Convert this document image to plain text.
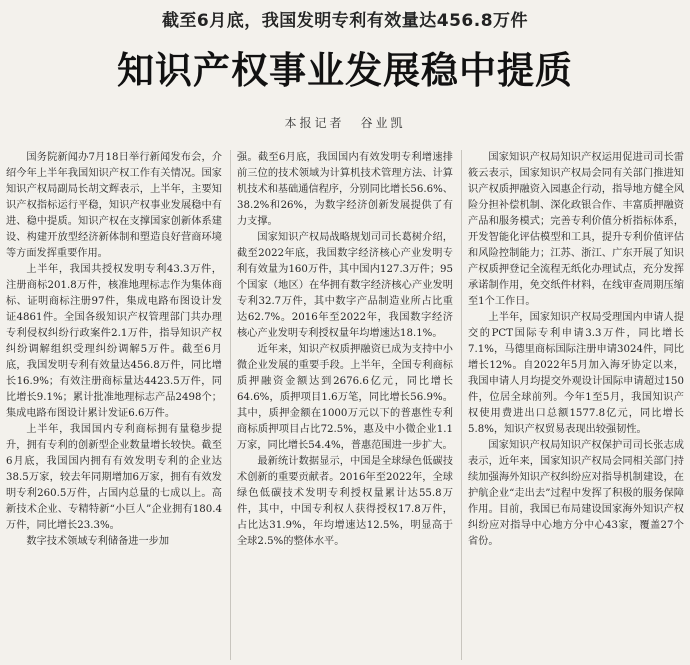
截至6月底，我国发明专利有效量达456.8万件
知识产权事业发展稳中提质
本报记者 谷业凯

国务院新闻办7月18日举行新闻发布会，介绍今年上半年我国知识产权工作有关情况。国家知识产权局副局长胡文辉表示，上半年，主要知识产权指标运行平稳，知识产权事业发展稳中有进、稳中提质。知识产权在支撑国家创新体系建设、构建开放型经济新体制和塑造良好营商环境等方面发挥重要作用。

上半年，我国共授权发明专利43.3万件，注册商标201.8万件，核准地理标志作为集体商标、证明商标注册97件，集成电路布图设计发证4861件。全国各级知识产权管理部门共办理专利侵权纠纷行政案件2.1万件，指导知识产权纠纷调解组织受理纠纷调解5万件。截至6月底，我国发明专利有效量达456.8万件，同比增长16.9%；有效注册商标量达4423.5万件，同比增长9.1%；累计批准地理标志产品2498个；集成电路布图设计累计发证6.6万件。

上半年，我国国内专利商标拥有量稳步提升，拥有专利的创新型企业数量增长较快。截至6月底，我国国内拥有有效发明专利的企业达38.5万家，较去年同期增加6万家，拥有有效发明专利260.5万件，占国内总量的七成以上。高新技术企业、专精特新“小巨人”企业拥有180.4万件，同比增长23.3%。

数字技术领域专利储备进一步加

强。截至6月底，我国国内有效发明专利增速排前三位的技术领域为计算机技术管理方法、计算机技术和基础通信程序，分别同比增长56.6%、38.2%和26%，为数字经济创新发展提供了有力支撑。

国家知识产权局战略规划司司长葛树介绍，截至2022年底，我国数字经济核心产业发明专利有效量为160万件，其中国内127.3万件；95个国家（地区）在华拥有数字经济核心产业发明专利32.7万件，其中数字产品制造业所占比重达62.7%。2016年至2022年，我国数字经济核心产业发明专利授权量年均增速达18.1%。

近年来，知识产权质押融资已成为支持中小微企业发展的重要手段。上半年，全国专利商标质押融资金额达到2676.6亿元，同比增长64.6%，质押项目1.6万笔，同比增长56.9%。其中，质押金额在1000万元以下的普惠性专利商标质押项目占比72.5%，惠及中小微企业1.1万家，同比增长54.4%，普惠范围进一步扩大。

最新统计数据显示，中国是全球绿色低碳技术创新的重要贡献者。2016年至2022年，全球绿色低碳技术发明专利授权量累计达55.8万件，其中，中国专利权人获得授权17.8万件，占比达31.9%，年均增速达12.5%，明显高于全球2.5%的整体水平。

国家知识产权局知识产权运用促进司司长雷筱云表示，国家知识产权局会同有关部门推进知识产权质押融资入园惠企行动，指导地方健全风险分担补偿机制、深化政银合作、丰富质押融资产品和服务模式；完善专利价值分析指标体系，开发智能化评估模型和工具，提升专利价值评估和风险控制能力；江苏、浙江、广东开展了知识产权质押登记全流程无纸化办理试点，充分发挥承诺制作用，免交纸件材料，在线审查周期压缩至1个工作日。

上半年，国家知识产权局受理国内申请人提交的PCT国际专利申请3.3万件，同比增长7.1%，马德里商标国际注册申请3024件，同比增长12%。自2022年5月加入海牙协定以来，我国申请人月均提交外观设计国际申请超过150件，位居全球前列。今年1至5月，我国知识产权使用费进出口总额1577.8亿元，同比增长5.8%，知识产权贸易表现出较强韧性。

国家知识产权局知识产权保护司司长张志成表示，近年来，国家知识产权局会同相关部门持续加强海外知识产权纠纷应对指导机制建设，在护航企业“走出去”过程中发挥了积极的服务保障作用。目前，我国已布局建设国家海外知识产权纠纷应对指导中心地方分中心43家，覆盖27个省份。
